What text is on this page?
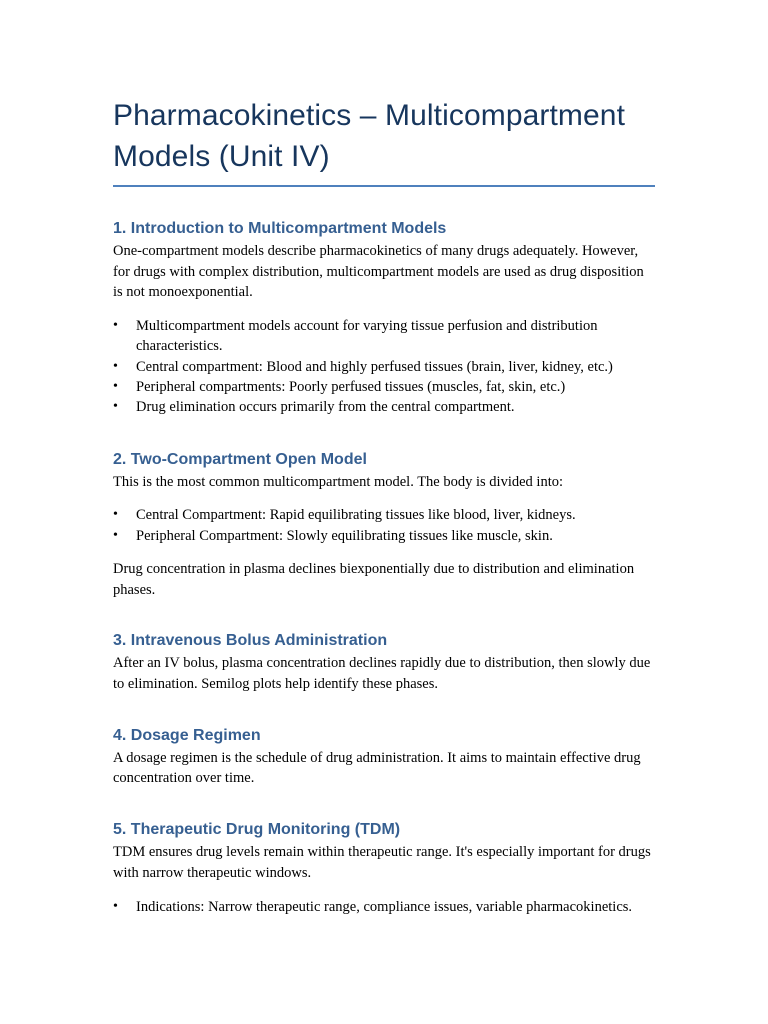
Pharmacokinetics – Multicompartment Models (Unit IV)
1. Introduction to Multicompartment Models

One-compartment models describe pharmacokinetics of many drugs adequately. However, for drugs with complex distribution, multicompartment models are used as drug disposition is not monoexponential.

• Multicompartment models account for varying tissue perfusion and distribution characteristics.
• Central compartment: Blood and highly perfused tissues (brain, liver, kidney, etc.)
• Peripheral compartments: Poorly perfused tissues (muscles, fat, skin, etc.)
• Drug elimination occurs primarily from the central compartment.
2. Two-Compartment Open Model

This is the most common multicompartment model. The body is divided into:

• Central Compartment: Rapid equilibrating tissues like blood, liver, kidneys.
• Peripheral Compartment: Slowly equilibrating tissues like muscle, skin.

Drug concentration in plasma declines biexponentially due to distribution and elimination phases.

3. Intravenous Bolus Administration

After an IV bolus, plasma concentration declines rapidly due to distribution, then slowly due to elimination. Semilog plots help identify these phases.

4. Dosage Regimen

A dosage regimen is the schedule of drug administration. It aims to maintain effective drug concentration over time.

5. Therapeutic Drug Monitoring (TDM)

TDM ensures drug levels remain within therapeutic range. It's especially important for drugs with narrow therapeutic windows.

• Indications: Narrow therapeutic range, compliance issues, variable pharmacokinetics.
